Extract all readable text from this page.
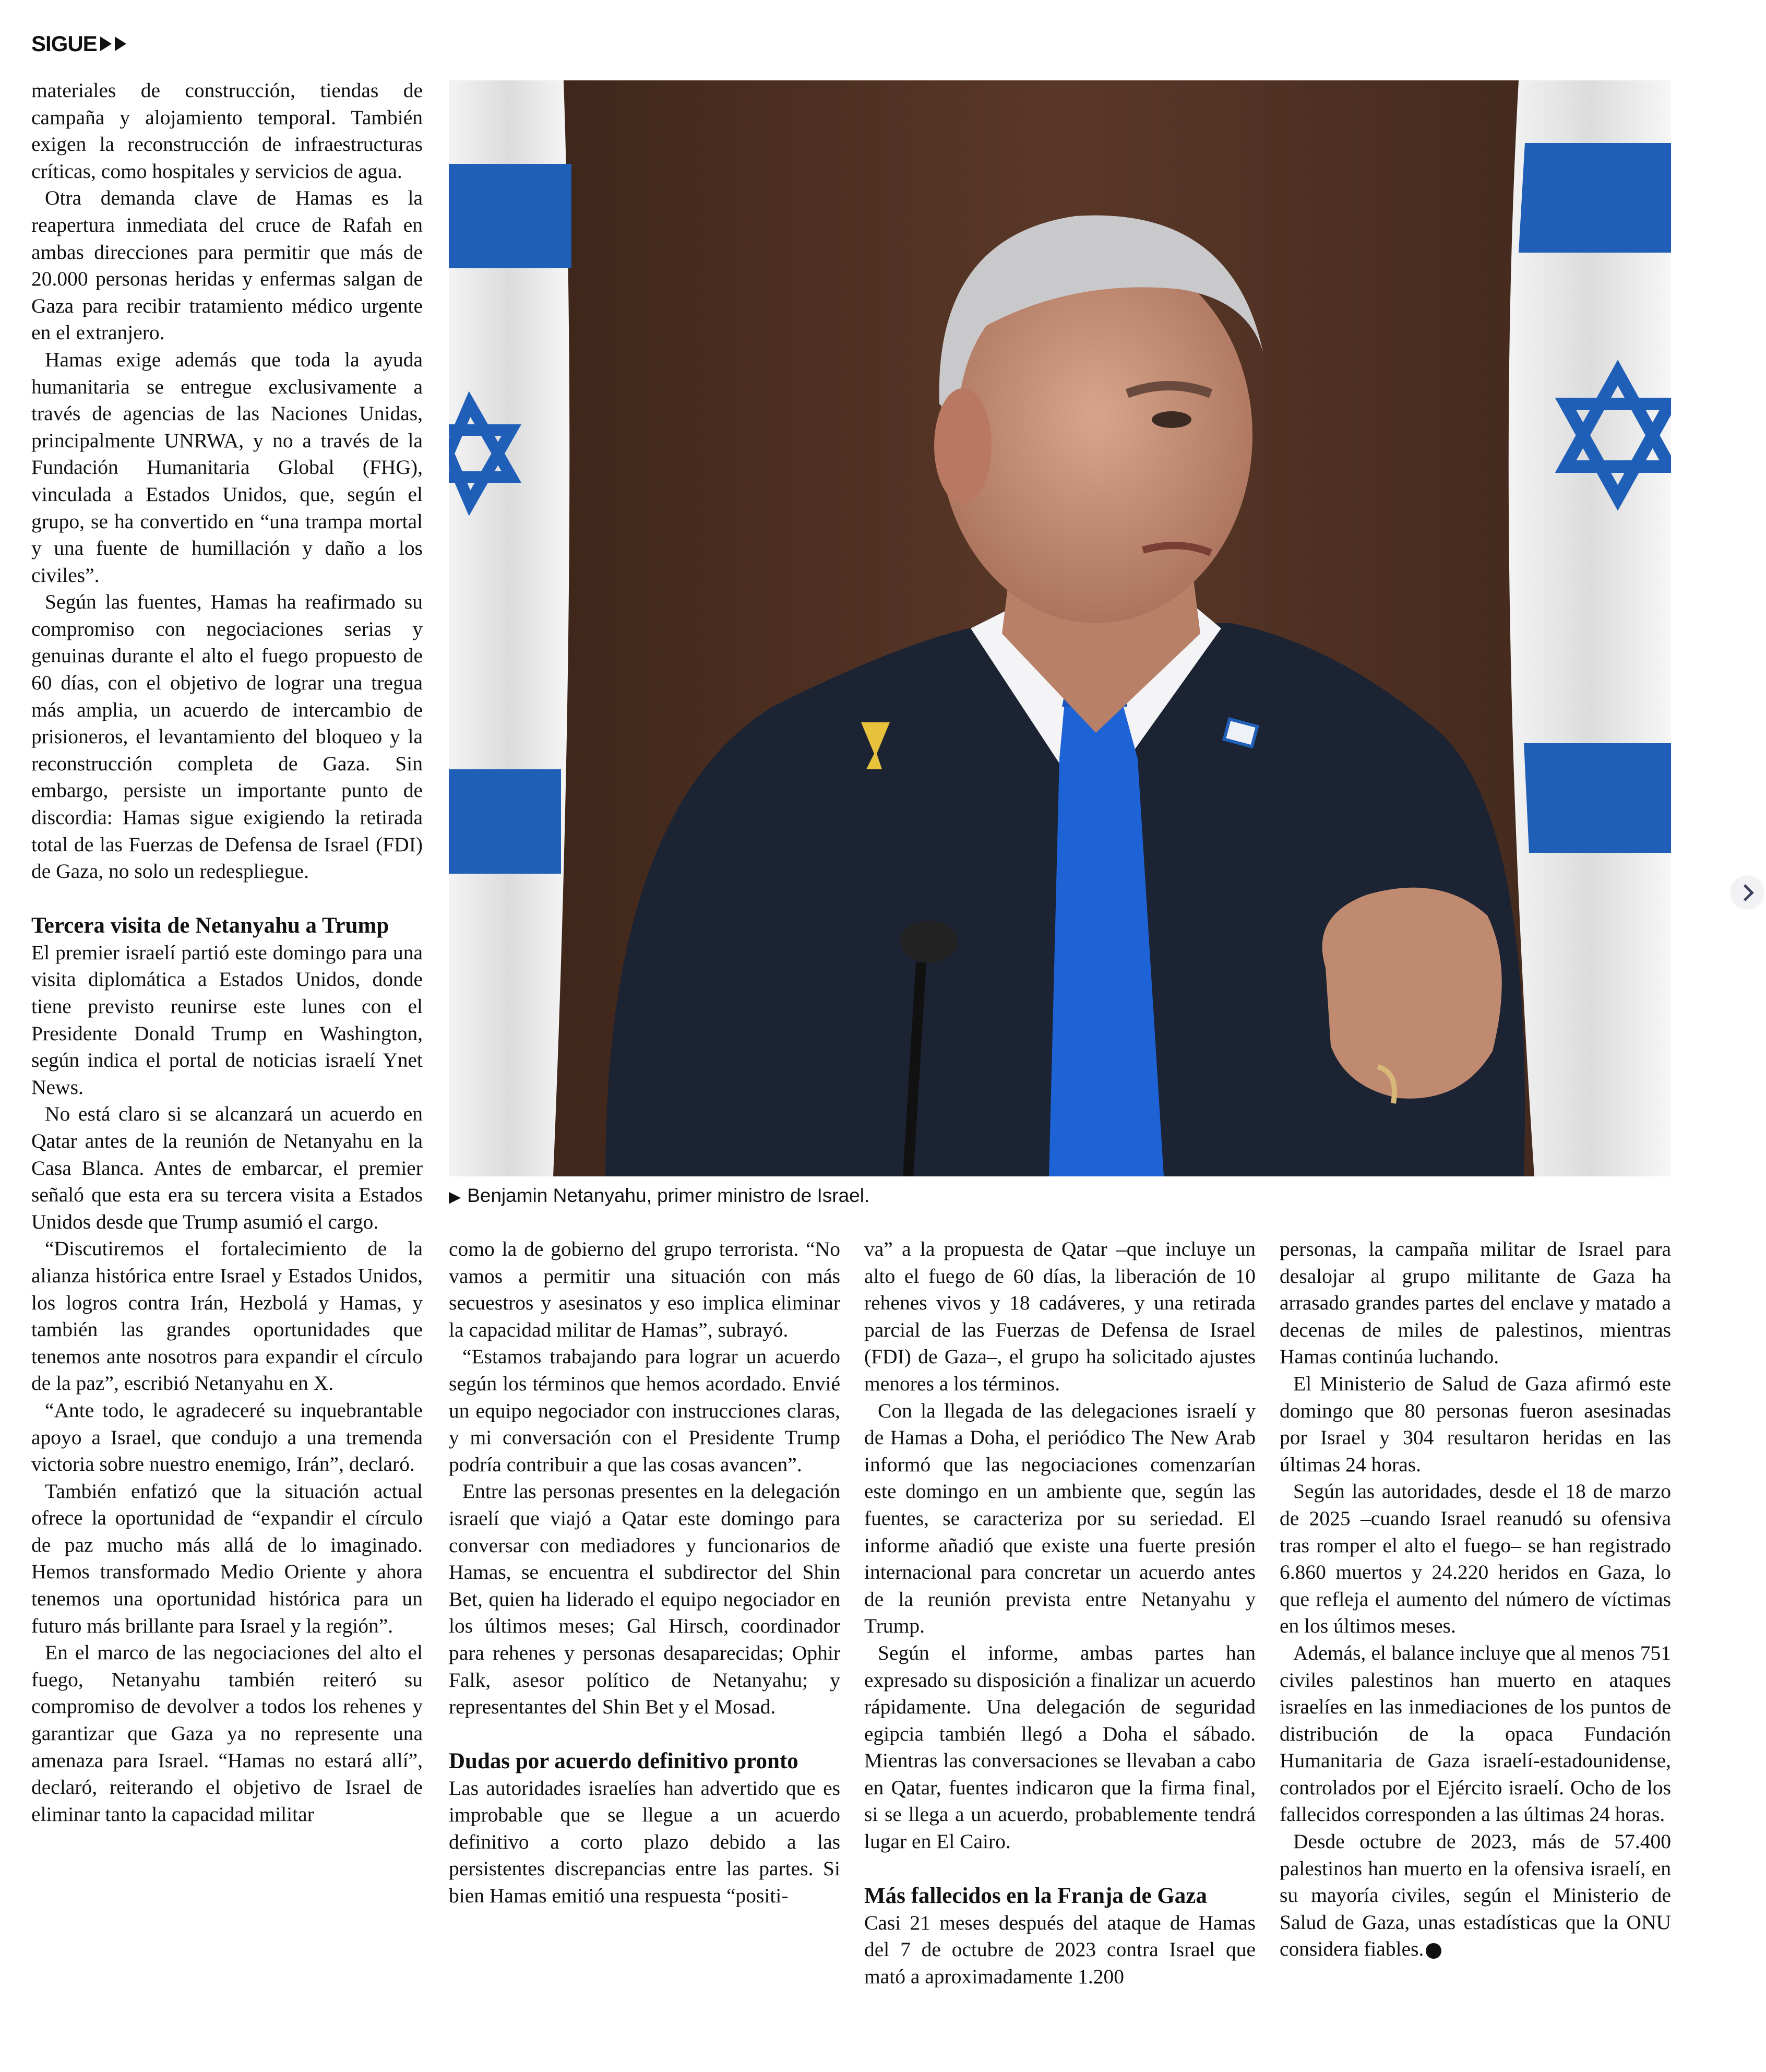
SIGUE

materiales de construcción, tiendas de campaña y alojamiento temporal. También exigen la reconstrucción de infraestructuras críticas, como hospitales y servicios de agua.

Otra demanda clave de Hamas es la reapertura inmediata del cruce de Rafah en ambas direcciones para permitir que más de 20.000 personas heridas y enfermas salgan de Gaza para recibir tratamiento médico urgente en el extranjero.

Hamas exige además que toda la ayuda humanitaria se entregue exclusivamente a través de agencias de las Naciones Unidas, principalmente UNRWA, y no a través de la Fundación Humanitaria Global (FHG), vinculada a Estados Unidos, que, según el grupo, se ha convertido en “una trampa mortal y una fuente de humillación y daño a los civiles”.

Según las fuentes, Hamas ha reafirmado su compromiso con negociaciones serias y genuinas durante el alto el fuego propuesto de 60 días, con el objetivo de lograr una tregua más amplia, un acuerdo de intercambio de prisioneros, el levantamiento del bloqueo y la reconstrucción completa de Gaza. Sin embargo, persiste un importante punto de discordia: Hamas sigue exigiendo la retirada total de las Fuerzas de Defensa de Israel (FDI) de Gaza, no solo un redespliegue.

Tercera visita de Netanyahu a Trump

El premier israelí partió este domingo para una visita diplomática a Estados Unidos, donde tiene previsto reunirse este lunes con el Presidente Donald Trump en Washington, según indica el portal de noticias israelí Ynet News.

No está claro si se alcanzará un acuerdo en Qatar antes de la reunión de Netanyahu en la Casa Blanca. Antes de embarcar, el premier señaló que esta era su tercera visita a Estados Unidos desde que Trump asumió el cargo.

“Discutiremos el fortalecimiento de la alianza histórica entre Israel y Estados Unidos, los logros contra Irán, Hezbolá y Hamas, y también las grandes oportunidades que tenemos ante nosotros para expandir el círculo de la paz”, escribió Netanyahu en X.

“Ante todo, le agradeceré su inquebrantable apoyo a Israel, que condujo a una tremenda victoria sobre nuestro enemigo, Irán”, declaró.

También enfatizó que la situación actual ofrece la oportunidad de “expandir el círculo de paz mucho más allá de lo imaginado. Hemos transformado Medio Oriente y ahora tenemos una oportunidad histórica para un futuro más brillante para Israel y la región”.

En el marco de las negociaciones del alto el fuego, Netanyahu también reiteró su compromiso de devolver a todos los rehenes y garantizar que Gaza ya no represente una amenaza para Israel. “Hamas no estará allí”, declaró, reiterando el objetivo de Israel de eliminar tanto la capacidad militar

▶ Benjamin Netanyahu, primer ministro de Israel.

como la de gobierno del grupo terrorista. “No vamos a permitir una situación con más secuestros y asesinatos y eso implica eliminar la capacidad militar de Hamas”, subrayó.

“Estamos trabajando para lograr un acuerdo según los términos que hemos acordado. Envié un equipo negociador con instrucciones claras, y mi conversación con el Presidente Trump podría contribuir a que las cosas avancen”.

Entre las personas presentes en la delegación israelí que viajó a Qatar este domingo para conversar con mediadores y funcionarios de Hamas, se encuentra el subdirector del Shin Bet, quien ha liderado el equipo negociador en los últimos meses; Gal Hirsch, coordinador para rehenes y personas desaparecidas; Ophir Falk, asesor político de Netanyahu; y representantes del Shin Bet y el Mosad.

Dudas por acuerdo definitivo pronto

Las autoridades israelíes han advertido que es improbable que se llegue a un acuerdo definitivo a corto plazo debido a las persistentes discrepancias entre las partes. Si bien Hamas emitió una respuesta “positi-

va” a la propuesta de Qatar –que incluye un alto el fuego de 60 días, la liberación de 10 rehenes vivos y 18 cadáveres, y una retirada parcial de las Fuerzas de Defensa de Israel (FDI) de Gaza–, el grupo ha solicitado ajustes menores a los términos.

Con la llegada de las delegaciones israelí y de Hamas a Doha, el periódico The New Arab informó que las negociaciones comenzarían este domingo en un ambiente que, según las fuentes, se caracteriza por su seriedad. El informe añadió que existe una fuerte presión internacional para concretar un acuerdo antes de la reunión prevista entre Netanyahu y Trump.

Según el informe, ambas partes han expresado su disposición a finalizar un acuerdo rápidamente. Una delegación de seguridad egipcia también llegó a Doha el sábado. Mientras las conversaciones se llevaban a cabo en Qatar, fuentes indicaron que la firma final, si se llega a un acuerdo, probablemente tendrá lugar en El Cairo.

Más fallecidos en la Franja de Gaza

Casi 21 meses después del ataque de Hamas del 7 de octubre de 2023 contra Israel que mató a aproximadamente 1.200

personas, la campaña militar de Israel para desalojar al grupo militante de Gaza ha arrasado grandes partes del enclave y matado a decenas de miles de palestinos, mientras Hamas continúa luchando.

El Ministerio de Salud de Gaza afirmó este domingo que 80 personas fueron asesinadas por Israel y 304 resultaron heridas en las últimas 24 horas.

Según las autoridades, desde el 18 de marzo de 2025 –cuando Israel reanudó su ofensiva tras romper el alto el fuego– se han registrado 6.860 muertos y 24.220 heridos en Gaza, lo que refleja el aumento del número de víctimas en los últimos meses.

Además, el balance incluye que al menos 751 civiles palestinos han muerto en ataques israelíes en las inmediaciones de los puntos de distribución de la opaca Fundación Humanitaria de Gaza israelí-estadounidense, controlados por el Ejército israelí. Ocho de los fallecidos corresponden a las últimas 24 horas.

Desde octubre de 2023, más de 57.400 palestinos han muerto en la ofensiva israelí, en su mayoría civiles, según el Ministerio de Salud de Gaza, unas estadísticas que la ONU considera fiables.
